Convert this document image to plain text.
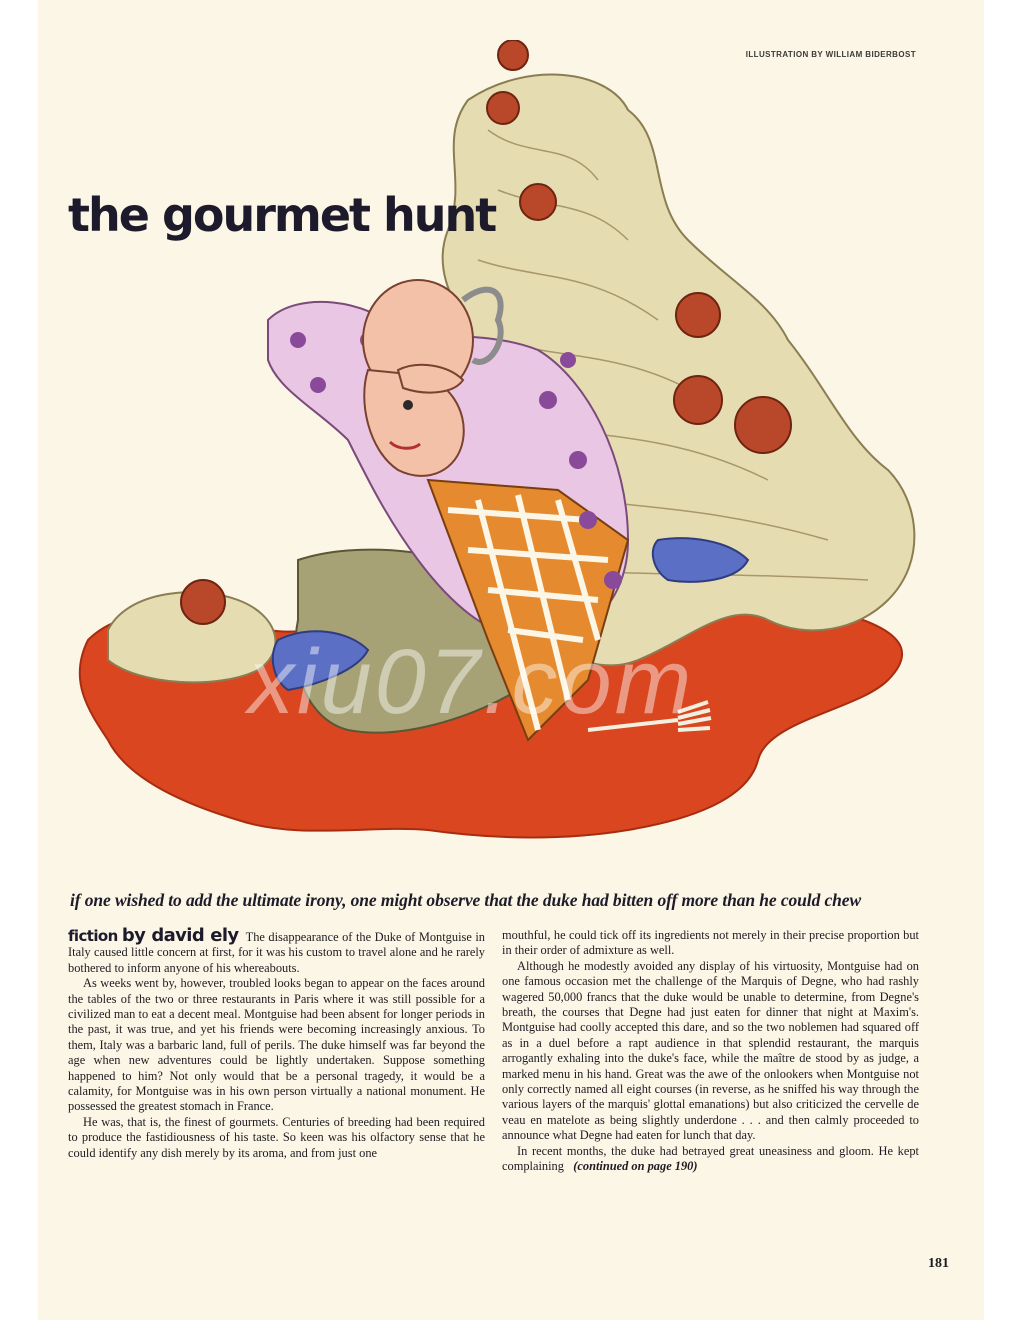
ILLUSTRATION BY WILLIAM BIDERBOST
the gourmet hunt
xiu07.com
if one wished to add the ultimate irony, one might observe that the duke had bitten off more than he could chew

fiction by david ely The disappearance of the Duke of Montguise in Italy caused little concern at first, for it was his custom to travel alone and he rarely bothered to inform anyone of his whereabouts.

As weeks went by, however, troubled looks began to appear on the faces around the tables of the two or three restaurants in Paris where it was still possible for a civilized man to eat a decent meal. Montguise had been absent for longer periods in the past, it was true, and yet his friends were becoming increasingly anxious. To them, Italy was a barbaric land, full of perils. The duke himself was far beyond the age when new adventures could be lightly undertaken. Suppose something happened to him? Not only would that be a personal tragedy, it would be a calamity, for Montguise was in his own person virtually a national monument. He possessed the greatest stomach in France.

He was, that is, the finest of gourmets. Centuries of breeding had been required to produce the fastidiousness of his taste. So keen was his olfactory sense that he could identify any dish merely by its aroma, and from just one

mouthful, he could tick off its ingredients not merely in their precise proportion but in their order of admixture as well.

Although he modestly avoided any display of his virtuosity, Montguise had on one famous occasion met the challenge of the Marquis of Degne, who had rashly wagered 50,000 francs that the duke would be unable to determine, from Degne's breath, the courses that Degne had just eaten for dinner that night at Maxim's. Montguise had coolly accepted this dare, and so the two noblemen had squared off as in a duel before a rapt audience in that splendid restaurant, the marquis arrogantly exhaling into the duke's face, while the maître de stood by as judge, a marked menu in his hand. Great was the awe of the onlookers when Montguise not only correctly named all eight courses (in reverse, as he sniffed his way through the various layers of the marquis' glottal emanations) but also criticized the cervelle de veau en matelote as being slightly underdone . . . and then calmly proceeded to announce what Degne had eaten for lunch that day.

In recent months, the duke had betrayed great uneasiness and gloom. He kept complaining (continued on page 190)

181
